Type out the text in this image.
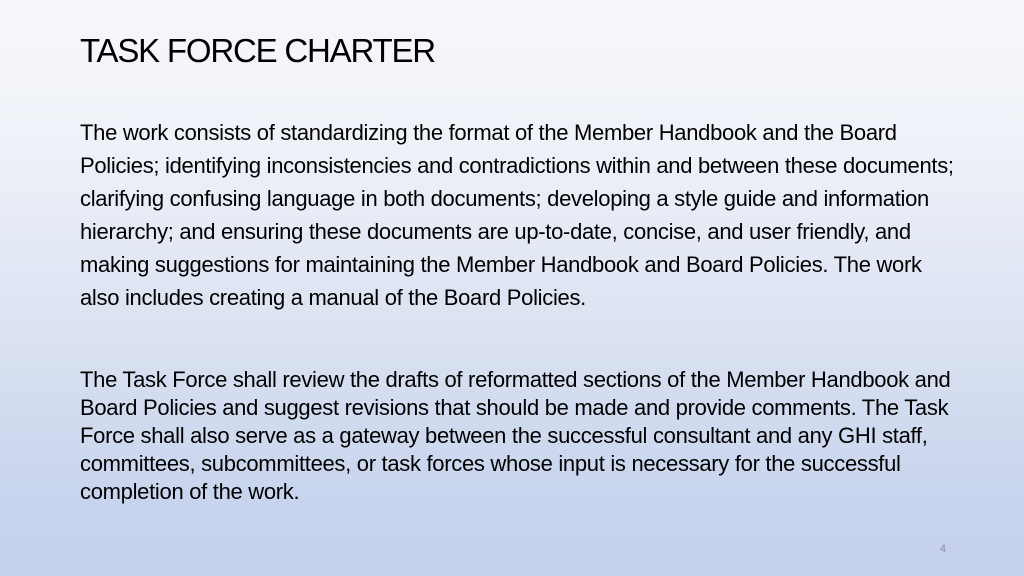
TASK FORCE CHARTER

The work consists of standardizing the format of the Member Handbook and the Board Policies; identifying inconsistencies and contradictions within and between these documents; clarifying confusing language in both documents; developing a style guide and information hierarchy; and ensuring these documents are up-to-date, concise, and user friendly, and making suggestions for maintaining the Member Handbook and Board Policies. The work also includes creating a manual of the Board Policies.

The Task Force shall review the drafts of reformatted sections of the Member Handbook and Board Policies and suggest revisions that should be made and provide comments. The Task Force shall also serve as a gateway between the successful consultant and any GHI staff, committees, subcommittees, or task forces whose input is necessary for the successful completion of the work.

4
